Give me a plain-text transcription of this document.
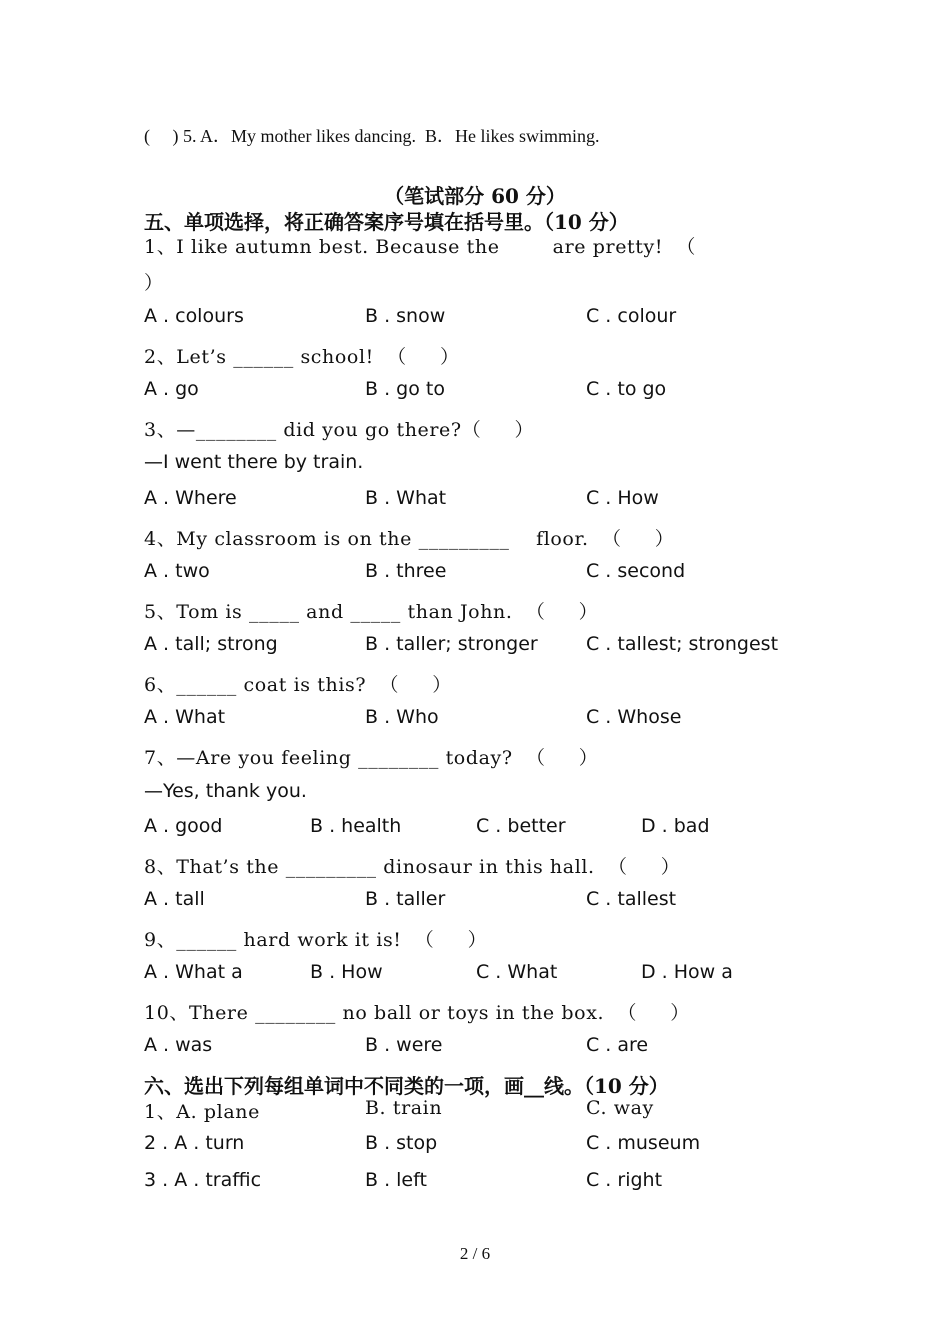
(     ) 5. A．My mother likes dancing.  B．He likes swimming.
（笔试部分 60 分）
五、单项选择，将正确答案序号填在括号里。（10 分）
1、I like autumn best. Because the        are pretty!  （
）
A . colours	B . snow	C . colour
2、Let’s ______ school!  （     ）
A . go	B . go to	C . to go
3、—________ did you go there?（     ）
—I went there by train.
A . Where	B . What	C . How
4、My classroom is on the _________    floor.  （     ）
A . two	B . three	C . second
5、Tom is _____ and _____ than John.  （     ）
A . tall; strong	B . taller; stronger	C . tallest; strongest
6、______ coat is this?  （     ）
A . What	B . Who	C . Whose
7、—Are you feeling ________ today?  （     ）
—Yes, thank you.
A . good	B . health	C . better	D . bad
8、That’s the _________ dinosaur in this hall.  （     ）
A . tall	B . taller	C . tallest
9、______ hard work it is!  （     ）
A . What a	B . How	C . What	D . How a
10、There ________ no ball or toys in the box.  （     ）
A . was	B . were	C . are
六、选出下列每组单词中不同类的一项，画__线。（10 分）
1、A. plane	B. train	C. way
2 . A . turn	B . stop	C . museum
3 . A . traffic	B . left	C . right
2 / 6
